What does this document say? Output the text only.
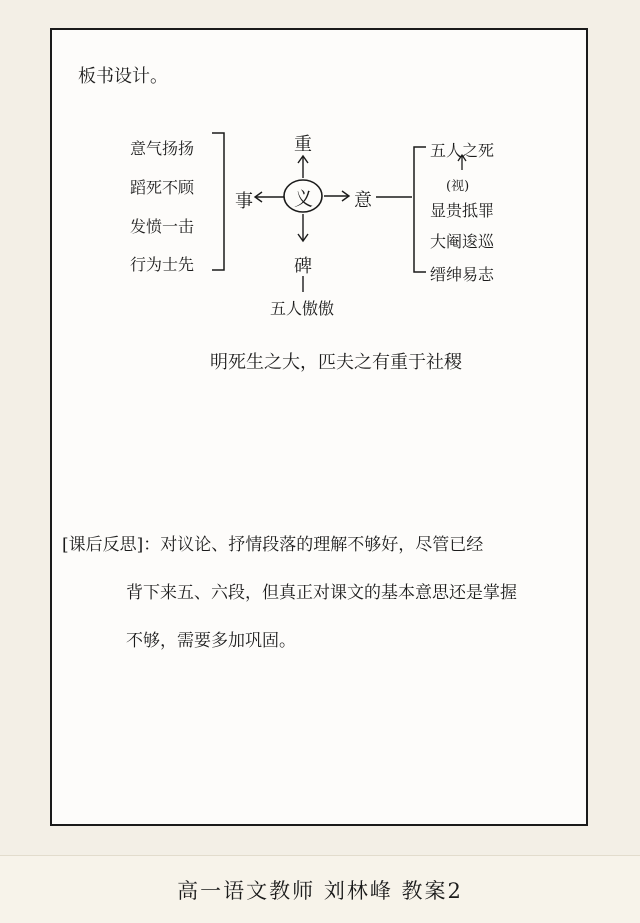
板书设计。
意气扬扬
蹈死不顾
发愤一击
行为士先
事 义
重
意
碑
五人傲傲
五人之死
(视)
显贵抵罪
大阉逡巡
缙绅易志
明死生之大，匹夫之有重于社稷
[课后反思]：对议论、抒情段落的理解不够好，尽管已经
背下来五、六段，但真正对课文的基本意思还是掌握
不够，需要多加巩固。
高一语文教师 刘林峰 教案2
